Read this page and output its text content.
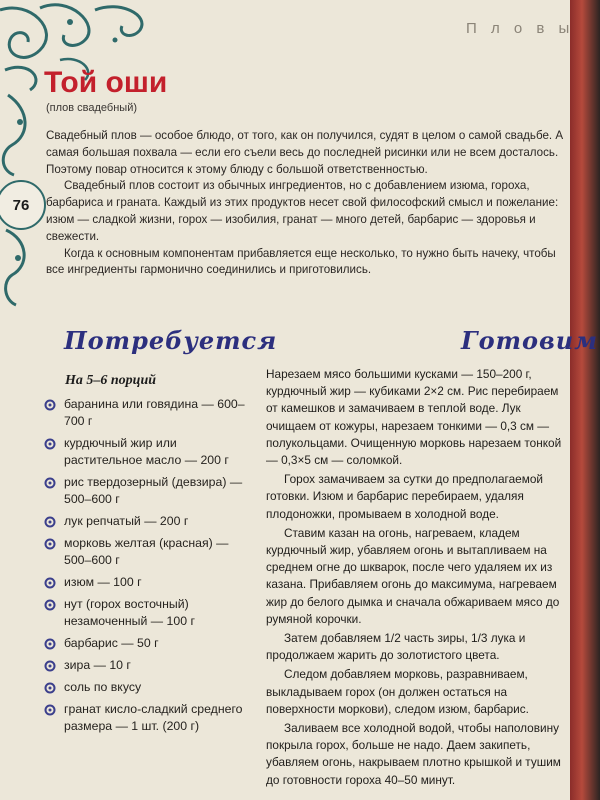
76
П л о в ы
Той оши
(плов свадебный)

Свадебный плов — особое блюдо, от того, как он получился, судят в целом о самой свадьбе. А самая большая похвала — если его съели весь до последней рисинки или не всем досталось. Поэтому повар относится к этому блюду с большой ответственностью.

Свадебный плов состоит из обычных ингредиентов, но с добавлением изюма, гороха, барбариса и граната. Каждый из этих продуктов несет свой философский смысл и пожелание: изюм — сладкой жизни, горох — изобилия, гранат — много детей, барбарис — здоровья и свежести.

Когда к основным компонентам прибавляется еще несколько, то нужно быть начеку, чтобы все ингредиенты гармонично соединились и приготовились.

Потребуется	Готовим
На 5–6 порций
баранина или говядина — 600–700 г
курдючный жир или растительное масло — 200 г
рис твердозерный (девзира) — 500–600 г
лук репчатый — 200 г
морковь желтая (красная) — 500–600 г
изюм — 100 г
нут (горох восточный) незамоченный — 100 г
барбарис — 50 г
зира — 10 г
соль по вкусу
гранат кисло-сладкий среднего размера — 1 шт. (200 г)

Нарезаем мясо большими кусками — 150–200 г, курдючный жир — кубиками 2×2 см. Рис перебираем от камешков и замачиваем в теплой воде. Лук очищаем от кожуры, нарезаем тонкими — 0,3 см — полукольцами. Очищенную морковь нарезаем тонкой — 0,3×5 см — соломкой.

Горох замачиваем за сутки до предполагаемой готовки. Изюм и барбарис перебираем, удаляя плодоножки, промываем в холодной воде.

Ставим казан на огонь, нагреваем, кладем курдючный жир, убавляем огонь и вытапливаем на среднем огне до шкварок, после чего удаляем их из казана. Прибавляем огонь до максимума, нагреваем жир до белого дымка и сначала обжариваем мясо до румяной корочки.

Затем добавляем 1/2 часть зиры, 1/3 лука и продолжаем жарить до золотистого цвета.

Следом добавляем морковь, разравниваем, выкладываем горох (он должен остаться на поверхности моркови), следом изюм, барбарис.

Заливаем все холодной водой, чтобы наполовину покрыла горох, больше не надо. Даем закипеть, убавляем огонь, накрываем плотно крышкой и тушим до готовности гороха 40–50 минут.
